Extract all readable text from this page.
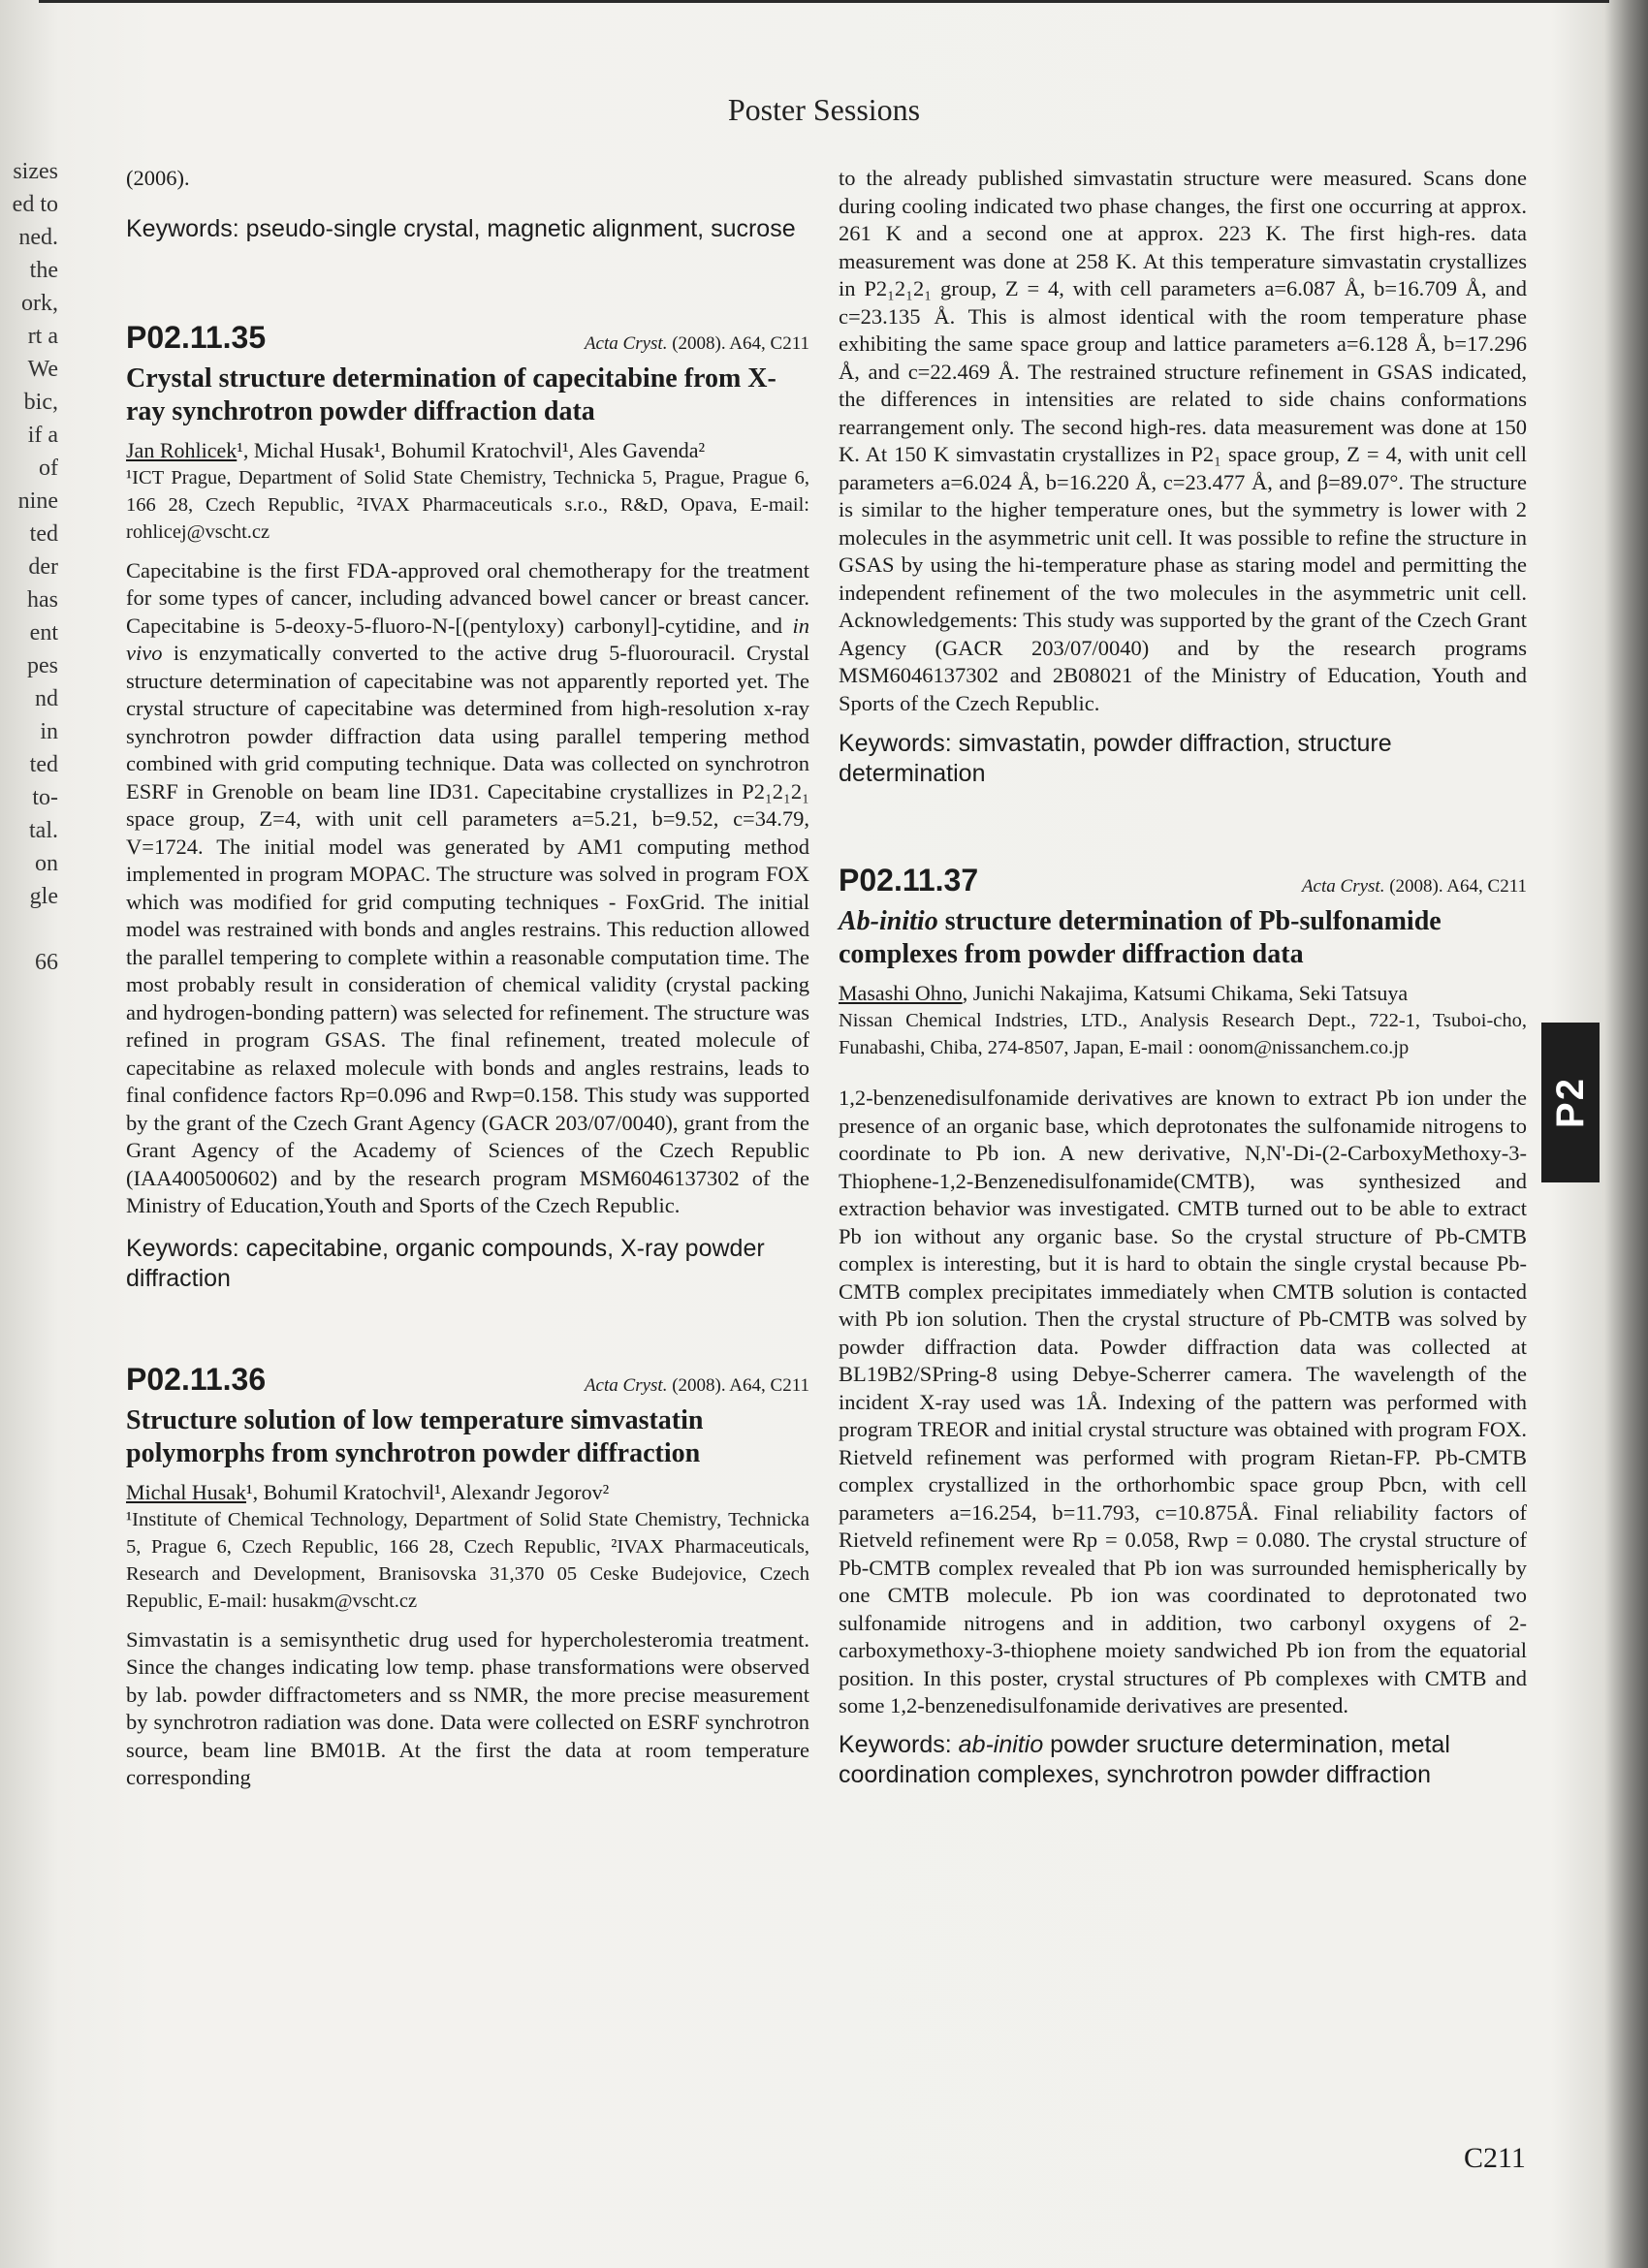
sizes
ed to
ned.
the
ork,
rt a
We
bic,
if a
of
nine
ted
der
has
ent
pes
nd
in
ted
to-
tal.
on
gle

66
Poster Sessions

(2006).

Keywords: pseudo-single crystal, magnetic alignment, sucrose

P02.11.35	Acta Cryst. (2008). A64, C211
Crystal structure determination of capecitabine from X-ray synchrotron powder diffraction data

Jan Rohlicek¹, Michal Husak¹, Bohumil Kratochvil¹, Ales Gavenda²

¹ICT Prague, Department of Solid State Chemistry, Technicka 5, Prague, Prague 6, 166 28, Czech Republic, ²IVAX Pharmaceuticals s.r.o., R&D, Opava, E-mail: rohlicej@vscht.cz

Capecitabine is the first FDA-approved oral chemotherapy for the treatment for some types of cancer, including advanced bowel cancer or breast cancer. Capecitabine is 5-deoxy-5-fluoro-N-[(pentyloxy) carbonyl]-cytidine, and in vivo is enzymatically converted to the active drug 5-fluorouracil. Crystal structure determination of capecitabine was not apparently reported yet. The crystal structure of capecitabine was determined from high-resolution x-ray synchrotron powder diffraction data using parallel tempering method combined with grid computing technique. Data was collected on synchrotron ESRF in Grenoble on beam line ID31. Capecitabine crystallizes in P2₁2₁2₁ space group, Z=4, with unit cell parameters a=5.21, b=9.52, c=34.79, V=1724. The initial model was generated by AM1 computing method implemented in program MOPAC. The structure was solved in program FOX which was modified for grid computing techniques - FoxGrid. The initial model was restrained with bonds and angles restrains. This reduction allowed the parallel tempering to complete within a reasonable computation time. The most probably result in consideration of chemical validity (crystal packing and hydrogen-bonding pattern) was selected for refinement. The structure was refined in program GSAS. The final refinement, treated molecule of capecitabine as relaxed molecule with bonds and angles restrains, leads to final confidence factors Rp=0.096 and Rwp=0.158. This study was supported by the grant of the Czech Grant Agency (GACR 203/07/0040), grant from the Grant Agency of the Academy of Sciences of the Czech Republic (IAA400500602) and by the research program MSM6046137302 of the Ministry of Education,Youth and Sports of the Czech Republic.

Keywords: capecitabine, organic compounds, X-ray powder diffraction

P02.11.36	Acta Cryst. (2008). A64, C211
Structure solution of low temperature simvastatin polymorphs from synchrotron powder diffraction

Michal Husak¹, Bohumil Kratochvil¹, Alexandr Jegorov²

¹Institute of Chemical Technology, Department of Solid State Chemistry, Technicka 5, Prague 6, Czech Republic, 166 28, Czech Republic, ²IVAX Pharmaceuticals, Research and Development, Branisovska 31,370 05 Ceske Budejovice, Czech Republic, E-mail: husakm@vscht.cz

Simvastatin is a semisynthetic drug used for hypercholesteromia treatment. Since the changes indicating low temp. phase transformations were observed by lab. powder diffractometers and ss NMR, the more precise measurement by synchrotron radiation was done. Data were collected on ESRF synchrotron source, beam line BM01B. At the first the data at room temperature corresponding

to the already published simvastatin structure were measured. Scans done during cooling indicated two phase changes, the first one occurring at approx. 261 K and a second one at approx. 223 K. The first high-res. data measurement was done at 258 K. At this temperature simvastatin crystallizes in P2₁2₁2₁ group, Z = 4, with cell parameters a=6.087 Å, b=16.709 Å, and c=23.135 Å. This is almost identical with the room temperature phase exhibiting the same space group and lattice parameters a=6.128 Å, b=17.296 Å, and c=22.469 Å. The restrained structure refinement in GSAS indicated, the differences in intensities are related to side chains conformations rearrangement only. The second high-res. data measurement was done at 150 K. At 150 K simvastatin crystallizes in P2₁ space group, Z = 4, with unit cell parameters a=6.024 Å, b=16.220 Å, c=23.477 Å, and β=89.07°. The structure is similar to the higher temperature ones, but the symmetry is lower with 2 molecules in the asymmetric unit cell. It was possible to refine the structure in GSAS by using the hi-temperature phase as staring model and permitting the independent refinement of the two molecules in the asymmetric unit cell. Acknowledgements: This study was supported by the grant of the Czech Grant Agency (GACR 203/07/0040) and by the research programs MSM6046137302 and 2B08021 of the Ministry of Education, Youth and Sports of the Czech Republic.

Keywords: simvastatin, powder diffraction, structure determination

P02.11.37	Acta Cryst. (2008). A64, C211
Ab-initio structure determination of Pb-sulfonamide complexes from powder diffraction data

Masashi Ohno, Junichi Nakajima, Katsumi Chikama, Seki Tatsuya

Nissan Chemical Indstries, LTD., Analysis Research Dept., 722-1, Tsuboi-cho, Funabashi, Chiba, 274-8507, Japan, E-mail : oonom@nissanchem.co.jp

1,2-benzenedisulfonamide derivatives are known to extract Pb ion under the presence of an organic base, which deprotonates the sulfonamide nitrogens to coordinate to Pb ion. A new derivative, N,N'-Di-(2-CarboxyMethoxy-3-Thiophene-1,2-Benzenedisulfonamide(CMTB), was synthesized and extraction behavior was investigated. CMTB turned out to be able to extract Pb ion without any organic base. So the crystal structure of Pb-CMTB complex is interesting, but it is hard to obtain the single crystal because Pb-CMTB complex precipitates immediately when CMTB solution is contacted with Pb ion solution. Then the crystal structure of Pb-CMTB was solved by powder diffraction data. Powder diffraction data was collected at BL19B2/SPring-8 using Debye-Scherrer camera. The wavelength of the incident X-ray used was 1Å. Indexing of the pattern was performed with program TREOR and initial crystal structure was obtained with program FOX. Rietveld refinement was performed with program Rietan-FP. Pb-CMTB complex crystallized in the orthorhombic space group Pbcn, with cell parameters a=16.254, b=11.793, c=10.875Å. Final reliability factors of Rietveld refinement were Rp = 0.058, Rwp = 0.080. The crystal structure of Pb-CMTB complex revealed that Pb ion was surrounded hemispherically by one CMTB molecule. Pb ion was coordinated to deprotonated two sulfonamide nitrogens and in addition, two carbonyl oxygens of 2-carboxymethoxy-3-thiophene moiety sandwiched Pb ion from the equatorial position. In this poster, crystal structures of Pb complexes with CMTB and some 1,2-benzenedisulfonamide derivatives are presented.

Keywords: ab-initio powder sructure determination, metal coordination complexes, synchrotron powder diffraction

P2
C211
